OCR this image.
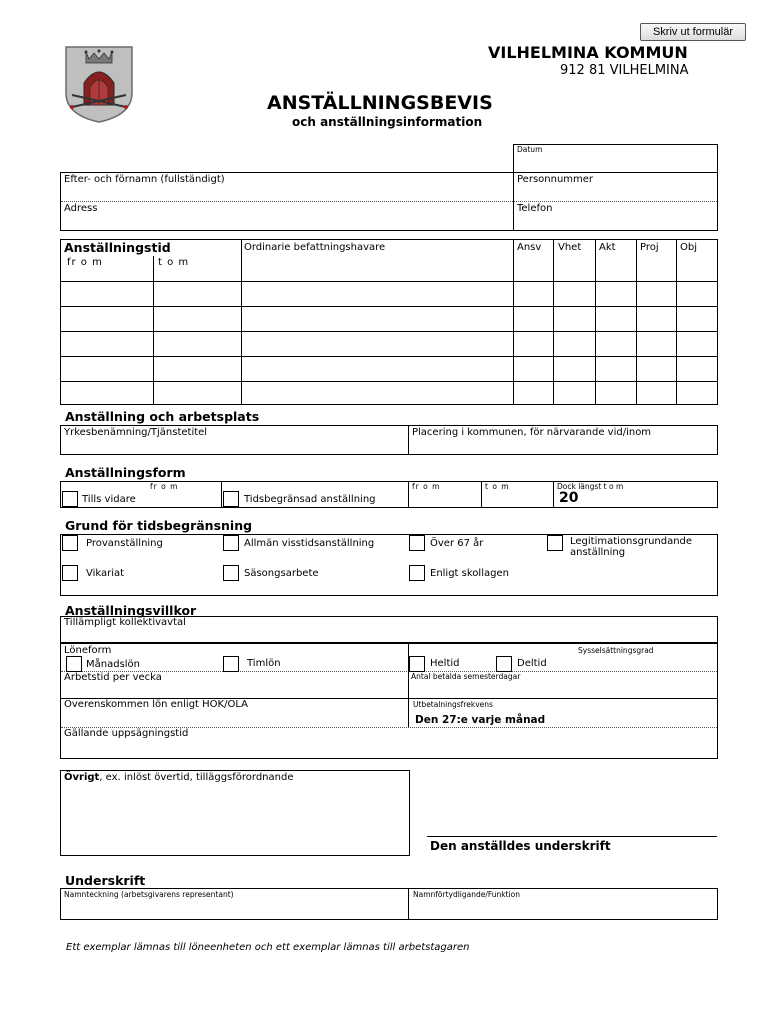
Skriv ut formulär
VILHELMINA KOMMUN
912 81 VILHELMINA
ANSTÄLLNINGSBEVIS
och anställningsinformation
Datum
Efter- och förnamn (fullständigt)	Personnummer
Adress	Telefon
Anställningstid
fr o m	t o m
Ordinarie befattningshavare	Ansv Vhet Akt Proj Obj
Anställning och arbetsplats
Yrkesbenämning/Tjänstetitel	Placering i kommunen, för närvarande vid/inom
Anställningsform
fr o m
Tills vidare	Tidsbegränsad anställning
fr o m	t o m	Dock längst t o m
20
Grund för tidsbegränsning
Provanställning	Allmän visstidsanställning	Över 67 år	Legitimationsgrundande anställning
Vikariat	Säsongsarbete	Enligt skollagen
Anställningsvillkor
Tillämpligt kollektivavtal
Löneform	Sysselsättningsgrad
Månadslön	Timlön	Heltid	Deltid
Arbetstid per vecka	Antal betalda semesterdagar
Överenskommen lön enligt HÖK/ÖLA	Utbetalningsfrekvens
Den 27:e varje månad
Gällande uppsägningstid
Övrigt, ex. inlöst övertid, tilläggsförordnande
Den anställdes underskrift
Underskrift
Namnteckning (arbetsgivarens representant)	Namnförtydligande/Funktion
Ett exemplar lämnas till löneenheten och ett exemplar lämnas till arbetstagaren
